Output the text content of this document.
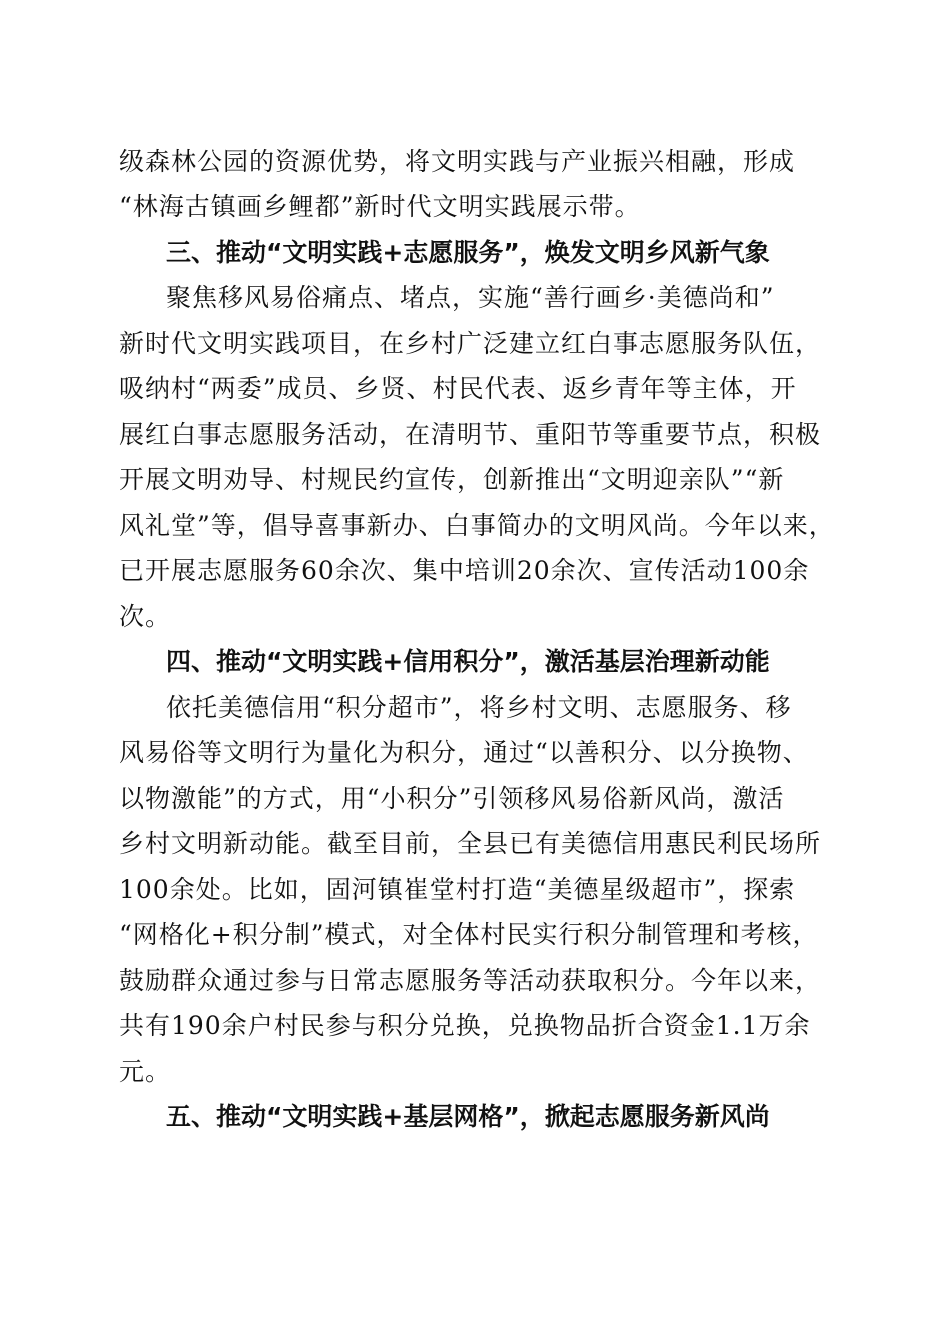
级森林公园的资源优势，将文明实践与产业振兴相融，形成
“林海古镇画乡鲤都”新时代文明实践展示带。
三、推动“文明实践+志愿服务”，焕发文明乡风新气象
聚焦移风易俗痛点、堵点，实施“善行画乡·美德尚和”
新时代文明实践项目，在乡村广泛建立红白事志愿服务队伍，
吸纳村“两委”成员、乡贤、村民代表、返乡青年等主体，开
展红白事志愿服务活动，在清明节、重阳节等重要节点，积极
开展文明劝导、村规民约宣传，创新推出“文明迎亲队”“新
风礼堂”等，倡导喜事新办、白事简办的文明风尚。今年以来，
已开展志愿服务60余次、集中培训20余次、宣传活动100余
次。
四、推动“文明实践+信用积分”，激活基层治理新动能
依托美德信用“积分超市”，将乡村文明、志愿服务、移
风易俗等文明行为量化为积分，通过“以善积分、以分换物、
以物激能”的方式，用“小积分”引领移风易俗新风尚，激活
乡村文明新动能。截至目前，全县已有美德信用惠民利民场所
100余处。比如，固河镇崔堂村打造“美德星级超市”，探索
“网格化+积分制”模式，对全体村民实行积分制管理和考核，
鼓励群众通过参与日常志愿服务等活动获取积分。今年以来，
共有190余户村民参与积分兑换，兑换物品折合资金1.1万余
元。
五、推动“文明实践+基层网格”，掀起志愿服务新风尚
